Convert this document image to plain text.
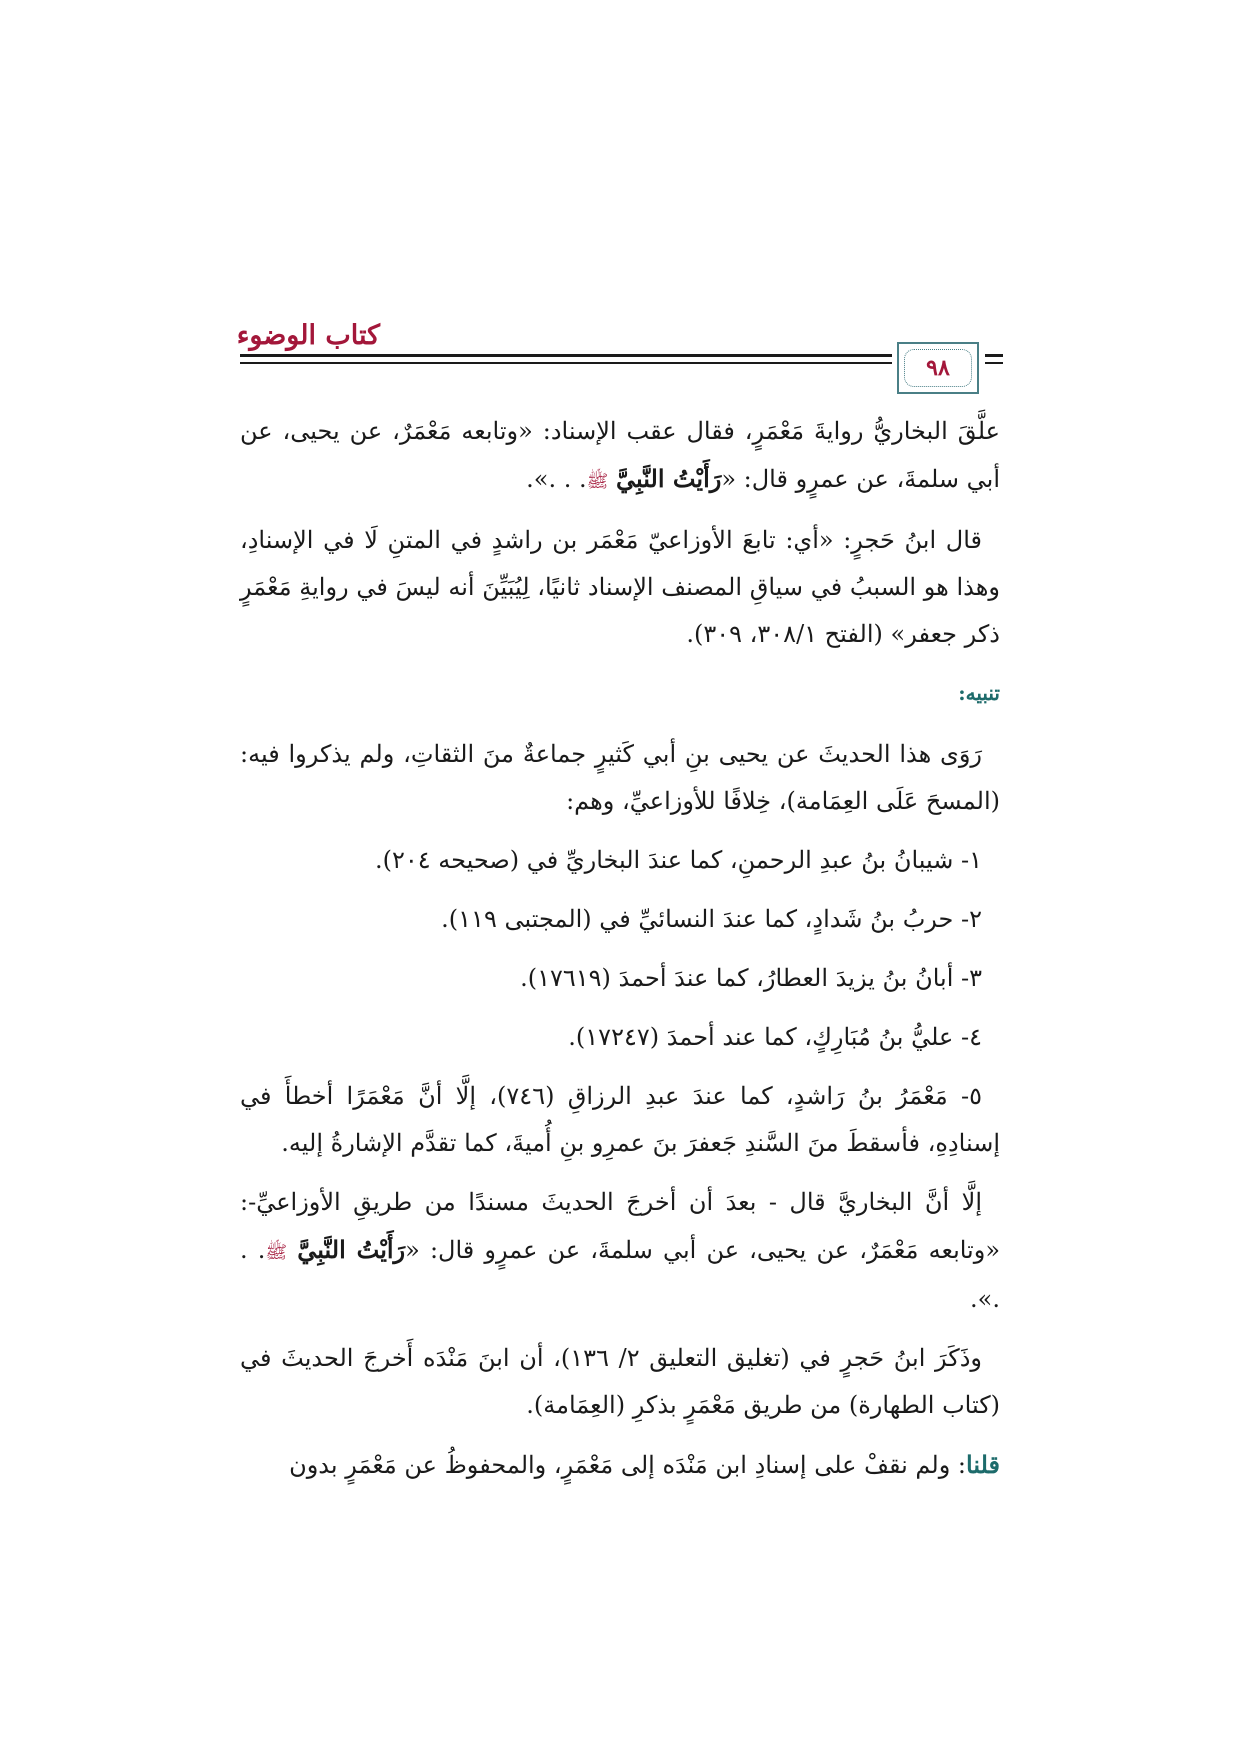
كتاب الوضوء
٩٨

علَّقَ البخاريُّ روايةَ مَعْمَرٍ، فقال عقب الإسناد: «وتابعه مَعْمَرٌ، عن يحيى، عن أبي سلمةَ، عن عمرٍو قال: «رَأَيْتُ النَّبِيَّ ﷺ. . .».

قال ابنُ حَجرٍ: «أي: تابعَ الأوزاعيّ مَعْمَر بن راشدٍ في المتنِ لَا في الإسنادِ، وهذا هو السببُ في سياقِ المصنف الإسناد ثانيًا، لِيُبَيِّنَ أنه ليسَ في روايةِ مَعْمَرٍ ذكر جعفر» (الفتح ٣٠٨/١، ٣٠٩).

تنبيه:

رَوَى هذا الحديثَ عن يحيى بنِ أبي كَثيرٍ جماعةٌ منَ الثقاتِ، ولم يذكروا فيه: (المسحَ عَلَى العِمَامة)، خِلافًا للأوزاعيِّ، وهم:

١- شيبانُ بنُ عبدِ الرحمنِ، كما عندَ البخاريِّ في (صحيحه ٢٠٤).

٢- حربُ بنُ شَدادٍ، كما عندَ النسائيِّ في (المجتبى ١١٩).

٣- أبانُ بنُ يزيدَ العطارُ، كما عندَ أحمدَ (١٧٦١٩).

٤- عليُّ بنُ مُبَارِكٍ، كما عند أحمدَ (١٧٢٤٧).

٥- مَعْمَرُ بنُ رَاشدٍ، كما عندَ عبدِ الرزاقِ (٧٤٦)، إلَّا أنَّ مَعْمَرًا أخطأَ في إسنادِهِ، فأسقطَ منَ السَّندِ جَعفرَ بنَ عمرِو بنِ أُميةَ، كما تقدَّم الإشارةُ إليه.

إلَّا أنَّ البخاريَّ قال - بعدَ أن أخرجَ الحديثَ مسندًا من طريقِ الأوزاعيِّ-: «وتابعه مَعْمَرٌ، عن يحيى، عن أبي سلمةَ، عن عمرٍو قال: «رَأَيْتُ النَّبِيَّ ﷺ. . .».

وذَكَرَ ابنُ حَجرٍ في (تغليق التعليق ٢/ ١٣٦)، أن ابنَ مَنْدَه أَخرجَ الحديثَ في (كتاب الطهارة) من طريق مَعْمَرٍ بذكرِ (العِمَامة).

قلنا: ولم نقفْ على إسنادِ ابن مَنْدَه إلى مَعْمَرٍ، والمحفوظُ عن مَعْمَرٍ بدون
